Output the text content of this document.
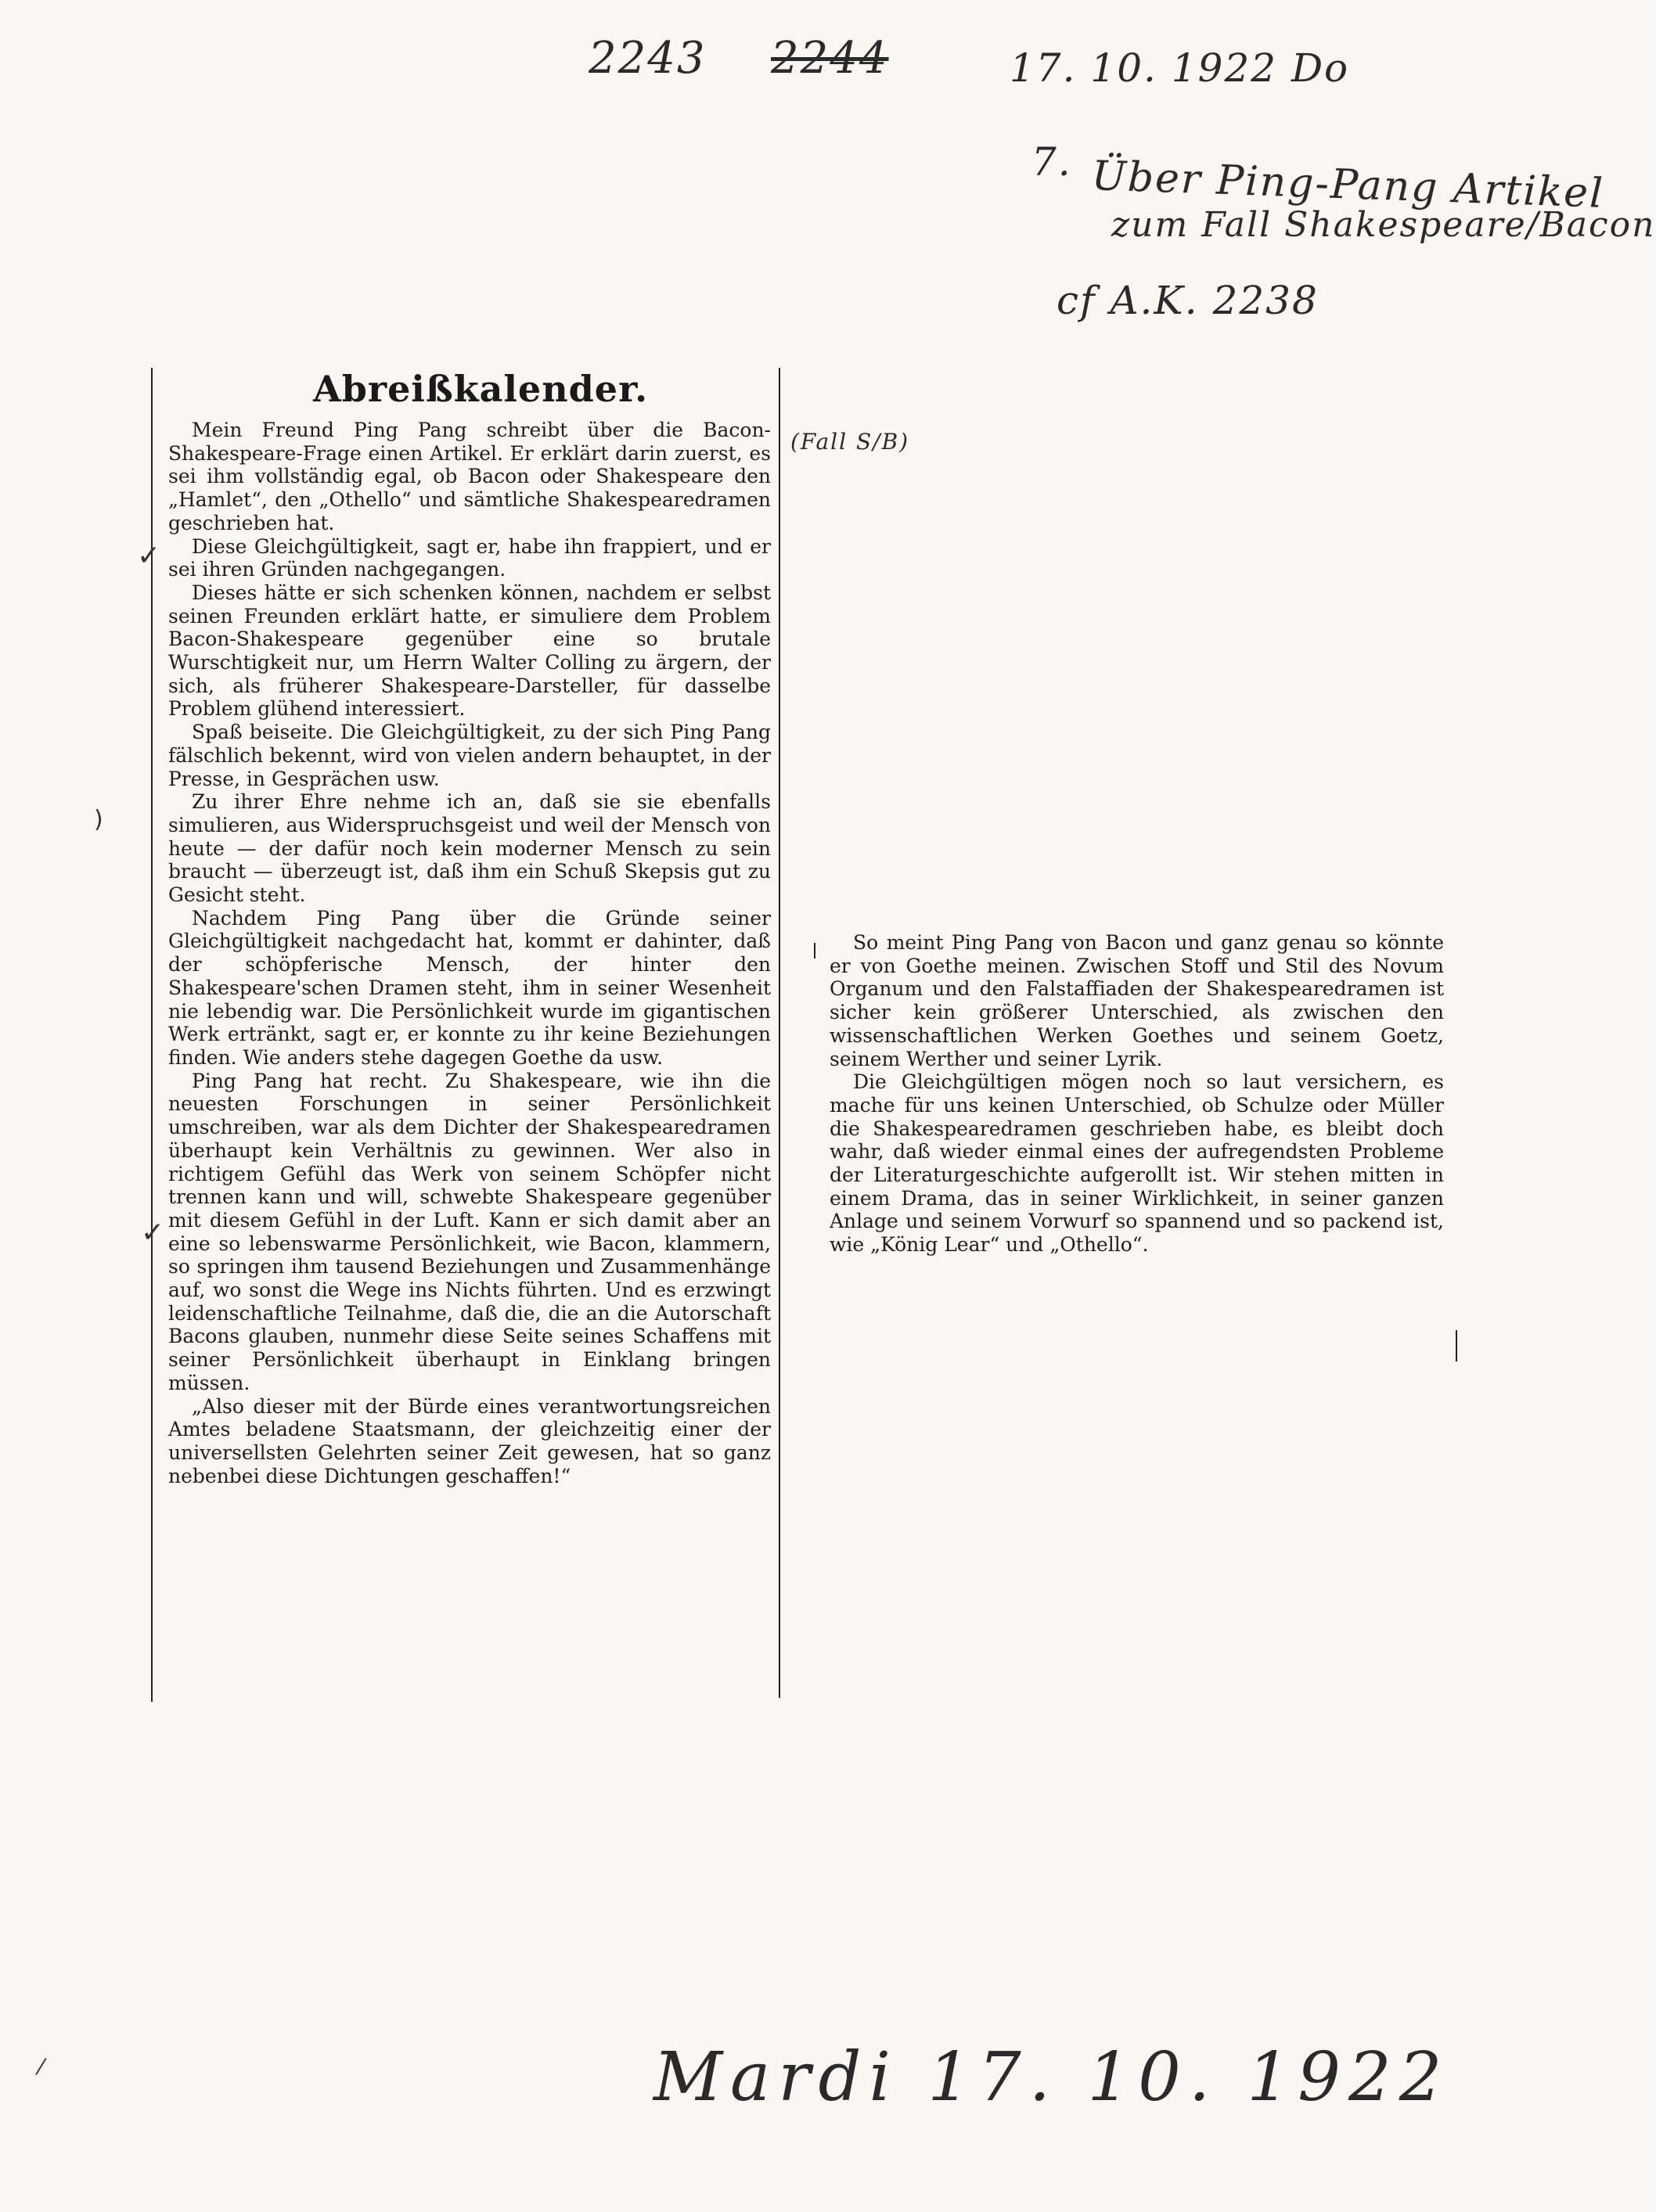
2243 2244	17. 10. 1922 Do
7. Über Ping-Pang Artikel
zum Fall Shakespeare/Bacon
cf A.K. 2238
(Fall S/B)
Mardi 17. 10. 1922
✓
✓
)
⁄
Abreißkalender.

Mein Freund Ping Pang schreibt über die Bacon-Shakespeare-Frage einen Artikel. Er erklärt darin zuerst, es sei ihm vollständig egal, ob Bacon oder Shakespeare den „Hamlet“, den „Othello“ und sämtliche Shakespearedramen geschrieben hat.

Diese Gleichgültigkeit, sagt er, habe ihn frappiert, und er sei ihren Gründen nachgegangen.

Dieses hätte er sich schenken können, nachdem er selbst seinen Freunden erklärt hatte, er simuliere dem Problem Bacon-Shakespeare gegenüber eine so brutale Wurschtigkeit nur, um Herrn Walter Colling zu ärgern, der sich, als früherer Shakespeare-Darsteller, für dasselbe Problem glühend interessiert.

Spaß beiseite. Die Gleichgültigkeit, zu der sich Ping Pang fälschlich bekennt, wird von vielen andern behauptet, in der Presse, in Gesprächen usw.

Zu ihrer Ehre nehme ich an, daß sie sie ebenfalls simulieren, aus Widerspruchsgeist und weil der Mensch von heute — der dafür noch kein moderner Mensch zu sein braucht — überzeugt ist, daß ihm ein Schuß Skepsis gut zu Gesicht steht.

Nachdem Ping Pang über die Gründe seiner Gleichgültigkeit nachgedacht hat, kommt er dahinter, daß der schöpferische Mensch, der hinter den Shakespeare'schen Dramen steht, ihm in seiner Wesenheit nie lebendig war. Die Persönlichkeit wurde im gigantischen Werk ertränkt, sagt er, er konnte zu ihr keine Beziehungen finden. Wie anders stehe dagegen Goethe da usw.

Ping Pang hat recht. Zu Shakespeare, wie ihn die neuesten Forschungen in seiner Persönlichkeit umschreiben, war als dem Dichter der Shakespearedramen überhaupt kein Verhältnis zu gewinnen. Wer also in richtigem Gefühl das Werk von seinem Schöpfer nicht trennen kann und will, schwebte Shakespeare gegenüber mit diesem Gefühl in der Luft. Kann er sich damit aber an eine so lebenswarme Persönlichkeit, wie Bacon, klammern, so springen ihm tausend Beziehungen und Zusammenhänge auf, wo sonst die Wege ins Nichts führten. Und es erzwingt leidenschaftliche Teilnahme, daß die, die an die Autorschaft Bacons glauben, nunmehr diese Seite seines Schaffens mit seiner Persönlichkeit überhaupt in Einklang bringen müssen.

„Also dieser mit der Bürde eines verantwortungsreichen Amtes beladene Staatsmann, der gleichzeitig einer der universellsten Gelehrten seiner Zeit gewesen, hat so ganz nebenbei diese Dichtungen geschaffen!“

So meint Ping Pang von Bacon und ganz genau so könnte er von Goethe meinen. Zwischen Stoff und Stil des Novum Organum und den Falstaffiaden der Shakespearedramen ist sicher kein größerer Unterschied, als zwischen den wissenschaftlichen Werken Goethes und seinem Goetz, seinem Werther und seiner Lyrik.

Die Gleichgültigen mögen noch so laut versichern, es mache für uns keinen Unterschied, ob Schulze oder Müller die Shakespearedramen geschrieben habe, es bleibt doch wahr, daß wieder einmal eines der aufregendsten Probleme der Literaturgeschichte aufgerollt ist. Wir stehen mitten in einem Drama, das in seiner Wirklichkeit, in seiner ganzen Anlage und seinem Vorwurf so spannend und so packend ist, wie „König Lear“ und „Othello“.
